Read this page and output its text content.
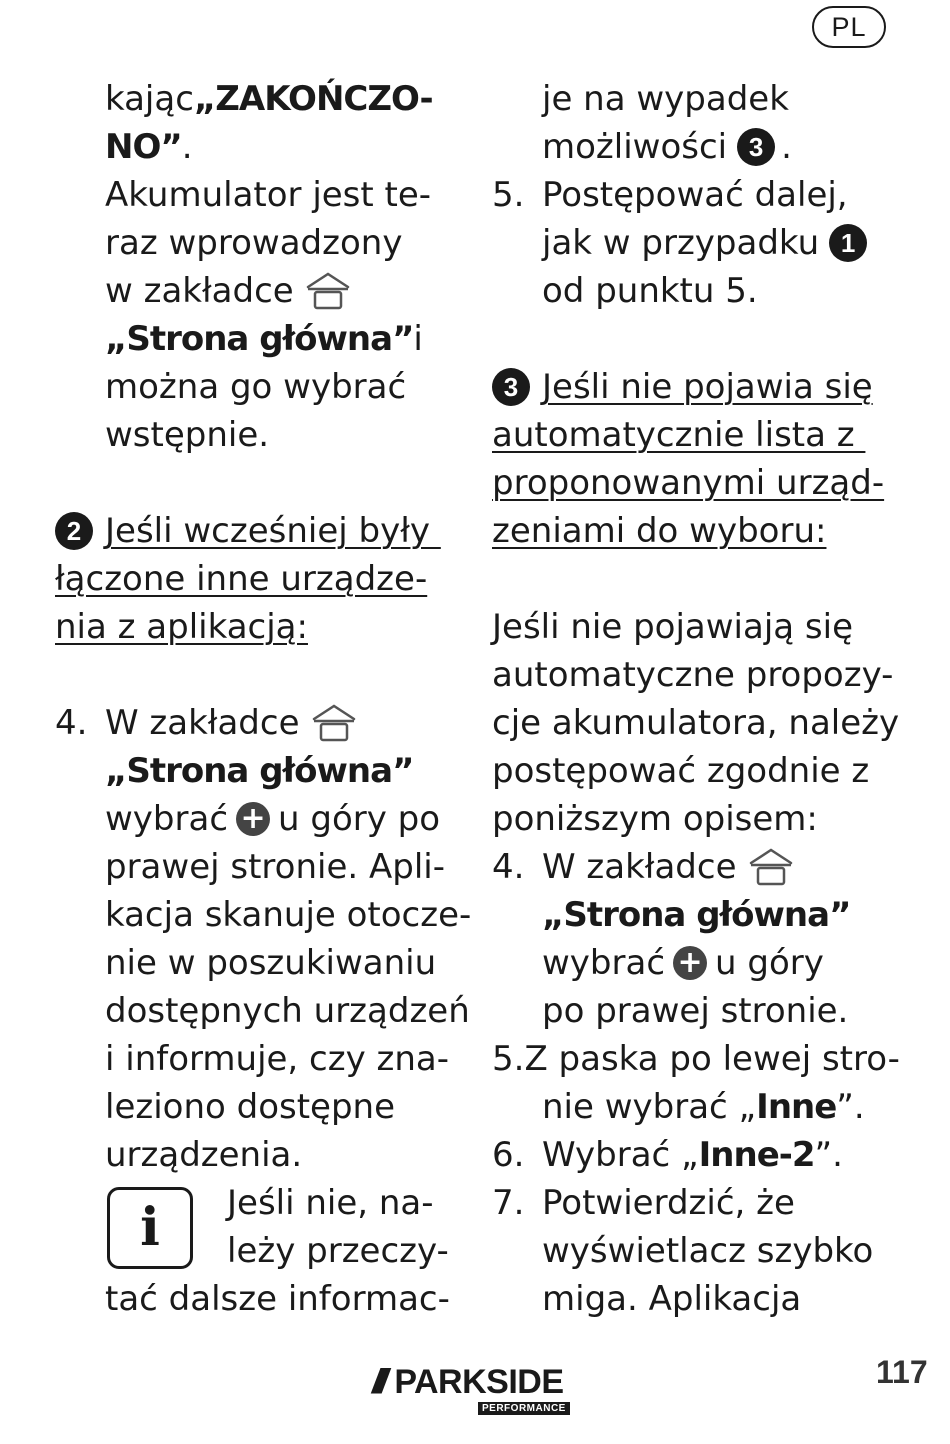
PL
kając „ZAKOŃCZO-
NO” .
Akumulator jest te-
raz wprowadzony
w zakładce
„Strona główna” i
można go wybrać
wstępnie.
2 Jeśli wcześniej były
łączone inne urządze-
nia z aplikacją:
4. W zakładce
„Strona główna”
wybrać + u góry po
prawej stronie. Apli-
kacja skanuje otocze-
nie w poszukiwaniu
dostępnych urządzeń
i informuje, czy zna-
leziono dostępne
urządzenia.
i	Jeśli nie, na-
leży przeczy-
tać dalsze informac-
je na wypadek
możliwości 3 .
5. Postępować dalej,
jak w przypadku 1
od punktu 5.
3 Jeśli nie pojawia się
automatycznie lista z
proponowanymi urząd-
zeniami do wyboru:
Jeśli nie pojawiają się
automatyczne propozy-
cje akumulatora, należy
postępować zgodnie z
poniższym opisem:
4. W zakładce
„Strona główna”
wybrać + u góry
po prawej stronie.
5. Z paska po lewej stro-
nie wybrać „ Inne ”.
6. Wybrać „ Inne-2 ”.
7. Potwierdzić, że
wyświetlacz szybko
miga. Aplikacja
/// PARKSIDE
PERFORMANCE
117
